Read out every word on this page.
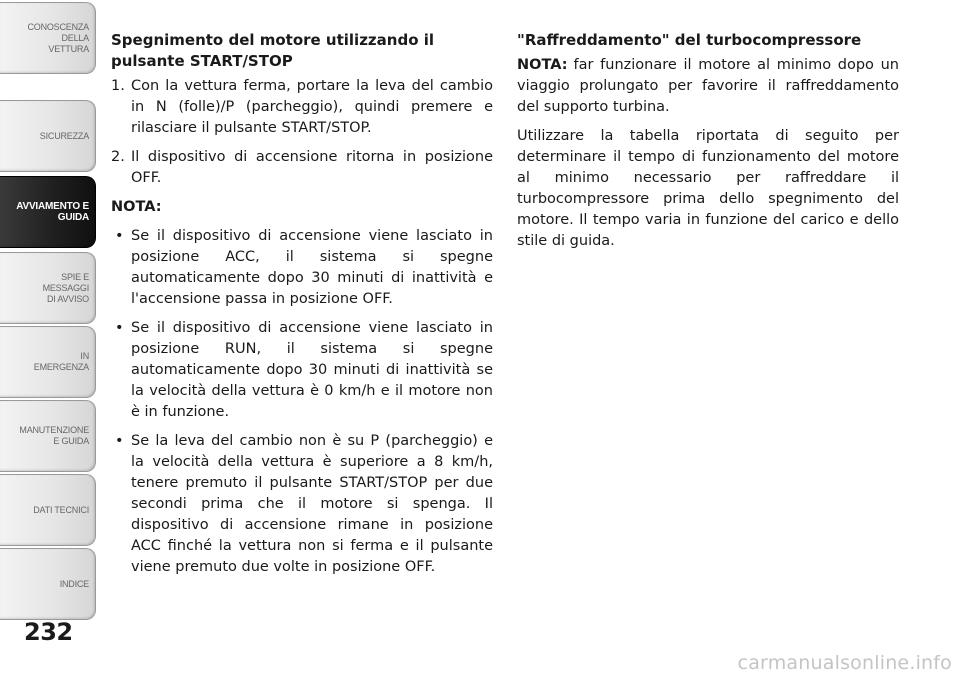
CONOSCENZA DELLA
VETTURA
SICUREZZA
AVVIAMENTO E
GUIDA
SPIE E
MESSAGGI
DI AVVISO
IN
EMERGENZA
MANUTENZIONE
E GUIDA
DATI TECNICI
INDICE
232
Spegnimento del motore utilizzando il pulsante START/STOP
1. Con la vettura ferma, portare la leva del cambio in N (folle)/P (parcheggio), quindi premere e rilasciare il pulsante START/STOP.
2. Il dispositivo di accensione ritorna in posizione OFF.

NOTA:

• Se il dispositivo di accensione viene lasciato in posizione ACC, il sistema si spegne automaticamente dopo 30 minuti di inattività e l'accensione passa in posizione OFF.
• Se il dispositivo di accensione viene lasciato in posizione RUN, il sistema si spegne automaticamente dopo 30 minuti di inattività se la velocità della vettura è 0 km/h e il motore non è in funzione.
• Se la leva del cambio non è su P (parcheggio) e la velocità della vettura è superiore a 8 km/h, tenere premuto il pulsante START/STOP per due secondi prima che il motore si spenga. Il dispositivo di accensione rimane in posizione ACC finché la vettura non si ferma e il pulsante viene premuto due volte in posizione OFF.
"Raffreddamento" del turbocompressore

NOTA: far funzionare il motore al minimo dopo un viaggio prolungato per favorire il raffreddamento del supporto turbina.

Utilizzare la tabella riportata di seguito per determinare il tempo di funzionamento del motore al minimo necessario per raffreddare il turbocompressore prima dello spegnimento del motore. Il tempo varia in funzione del carico e dello stile di guida.

carmanualsonline.info
